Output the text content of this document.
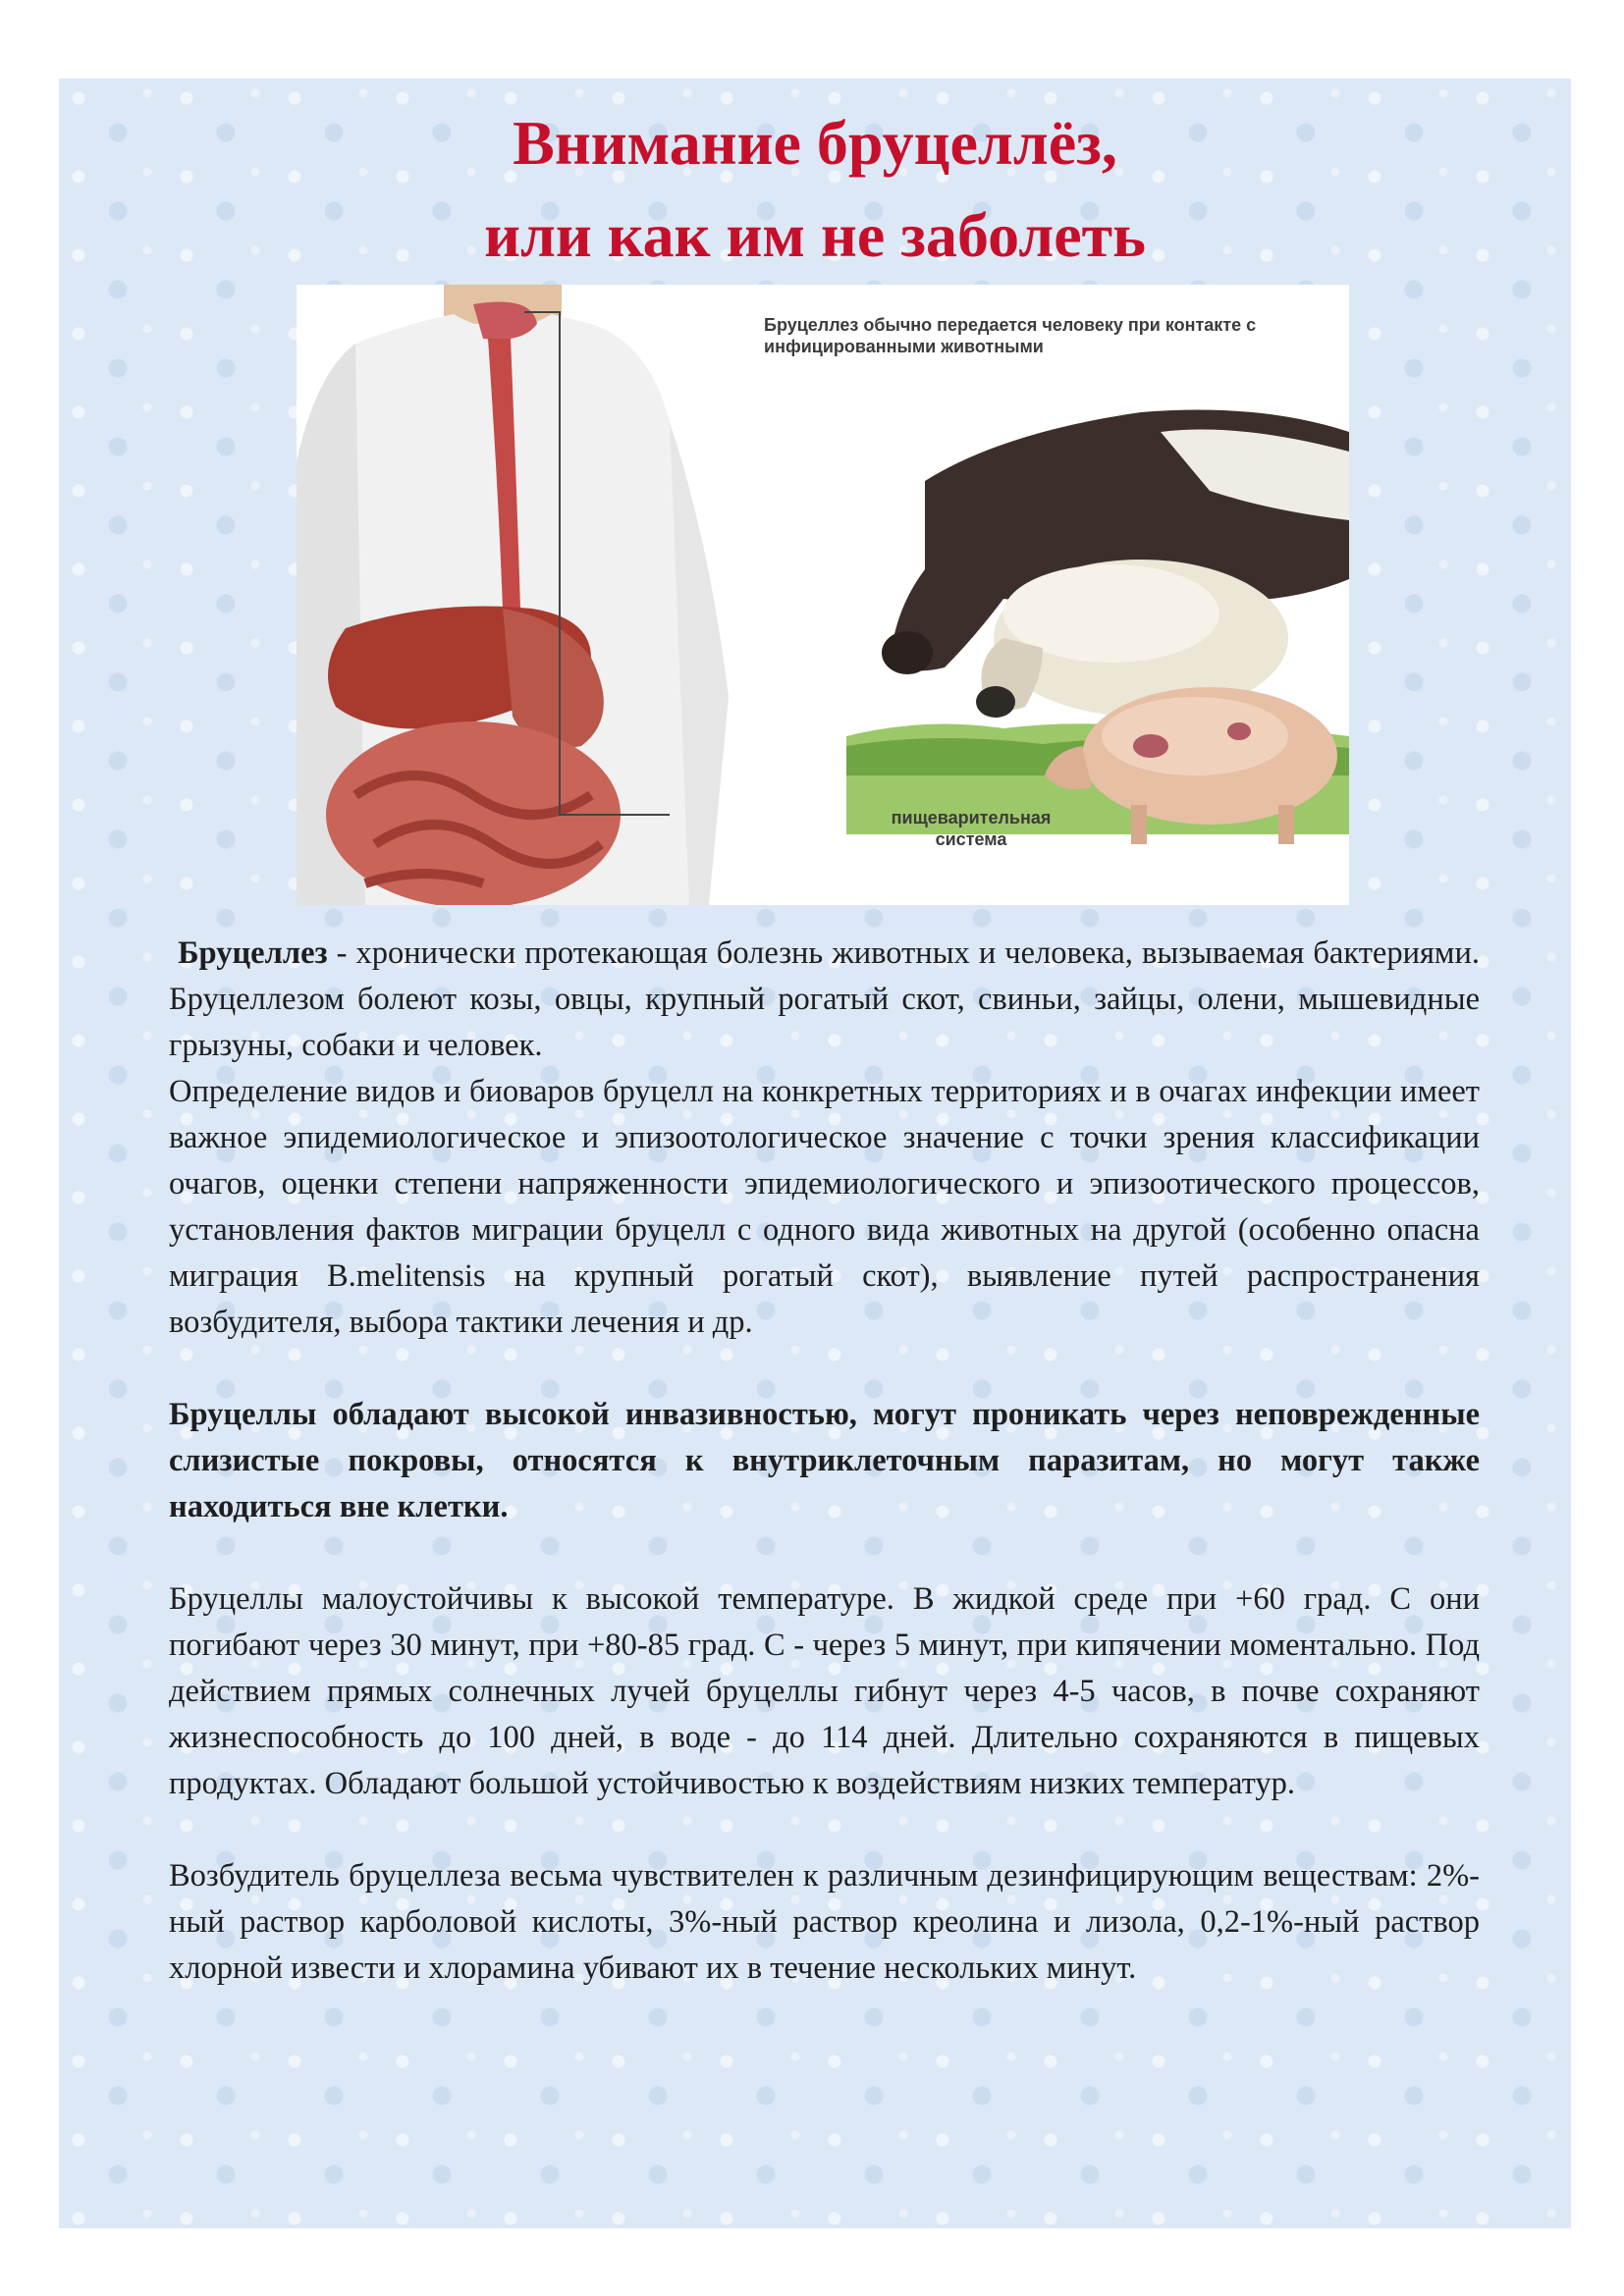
Внимание бруцеллёз,
или как им не заболеть
Бруцеллез обычно передается человеку при контакте с инфицированными животными
пищеварительная система

Бруцеллез - хронически протекающая болезнь животных и человека, вызываемая бактериями. Бруцеллезом болеют козы, овцы, крупный рогатый скот, свиньи, зайцы, олени, мышевидные грызуны, собаки и человек.

Определение видов и биоваров бруцелл на конкретных территориях и в очагах инфекции имеет важное эпидемиологическое и эпизоотологическое значение с точки зрения классификации очагов, оценки степени напряженности эпидемиологического и эпизоотического процессов, установления фактов миграции бруцелл с одного вида животных на другой (особенно опасна миграция B.melitensis на крупный рогатый скот), выявление путей распространения возбудителя, выбора тактики лечения и др.

Бруцеллы обладают высокой инвазивностью, могут проникать через неповрежденные слизистые покровы, относятся к внутриклеточным паразитам, но могут также находиться вне клетки.

Бруцеллы малоустойчивы к высокой температуре. В жидкой среде при +60 град. С они погибают через 30 минут, при +80-85 град. С - через 5 минут, при кипячении моментально. Под действием прямых солнечных лучей бруцеллы гибнут через 4-5 часов, в почве сохраняют жизнеспособность до 100 дней, в воде - до 114 дней. Длительно сохраняются в пищевых продуктах. Обладают большой устойчивостью к воздействиям низких температур.

Возбудитель бруцеллеза весьма чувствителен к различным дезинфицирующим веществам: 2%-ный раствор карболовой кислоты, 3%-ный раствор креолина и лизола, 0,2-1%-ный раствор хлорной извести и хлорамина убивают их в течение нескольких минут.
